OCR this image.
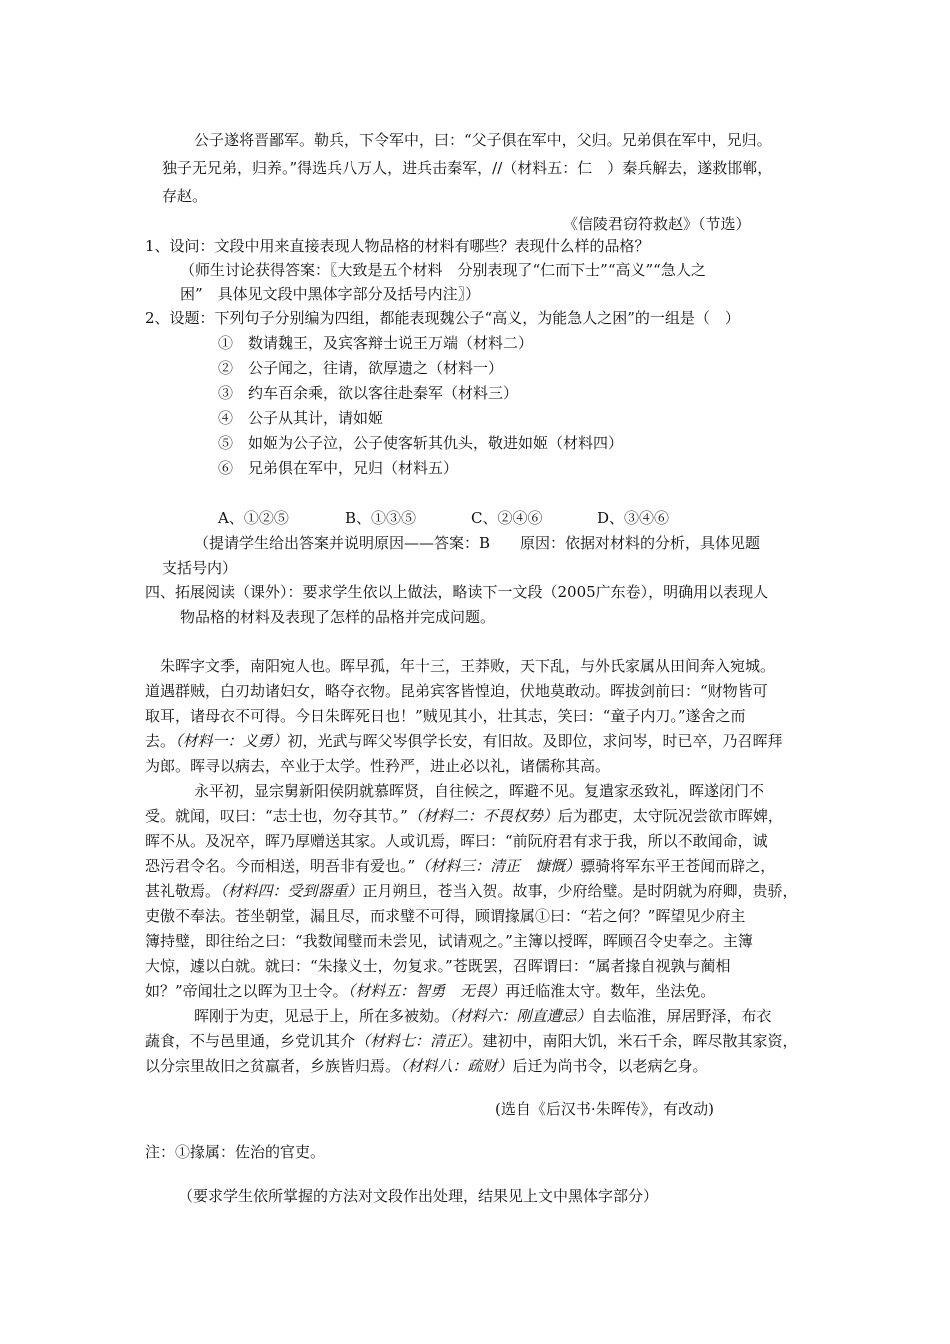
公子遂将晋鄙军。勒兵，下令军中，曰：“父子俱在军中，父归。兄弟俱在军中，兄归。
独子无兄弟，归养。”得选兵八万人，进兵击秦军，//（材料五：仁　）秦兵解去，遂救邯郸，
存赵。
《信陵君窃符救赵》（节选）
1、设问：文段中用来直接表现人物品格的材料有哪些？表现什么样的品格？
（师生讨论获得答案：〖大致是五个材料　分别表现了“仁而下士”“高义”“急人之
困”　具体见文段中黑体字部分及括号内注〗）
2、设题：下列句子分别编为四组，都能表现魏公子“高义，为能急人之困”的一组是（　）
①　数请魏王，及宾客辩士说王万端（材料二）
②　公子闻之，往请，欲厚遗之（材料一）
③　约车百余乘，欲以客往赴秦军（材料三）
④　公子从其计，请如姬
⑤　如姬为公子泣，公子使客斩其仇头，敬进如姬（材料四）
⑥　兄弟俱在军中，兄归（材料五）
A、①②⑤	B、①③⑤	C、②④⑥	D、③④⑥
（提请学生给出答案并说明原因——答案：B　　原因：依据对材料的分析，具体见题
支括号内）
四、拓展阅读（课外）：要求学生依以上做法，略读下一文段（2005广东卷），明确用以表现人
物品格的材料及表现了怎样的品格并完成问题。
朱晖字文季，南阳宛人也。晖早孤，年十三，王莽败，天下乱，与外氏家属从田间奔入宛城。
道遇群贼，白刃劫诸妇女，略夺衣物。昆弟宾客皆惶迫，伏地莫敢动。晖拔剑前曰：“财物皆可
取耳，诸母衣不可得。今日朱晖死日也！”贼见其小，壮其志，笑曰：“童子内刀。”遂舍之而
去。（材料一：义勇）初，光武与晖父岑俱学长安，有旧故。及即位，求问岑，时已卒，乃召晖拜
为郎。晖寻以病去，卒业于太学。性矜严，进止必以礼，诸儒称其高。
永平初，显宗舅新阳侯阴就慕晖贤，自往候之，晖避不见。复遣家丞致礼，晖遂闭门不
受。就闻，叹曰：“志士也，勿夺其节。”（材料二：不畏权势）后为郡吏，太守阮况尝欲市晖婢，
晖不从。及况卒，晖乃厚赠送其家。人或讥焉，晖曰：“前阮府君有求于我，所以不敢闻命，诚
恐污君令名。今而相送，明吾非有爱也。”（材料三：清正　慷慨）骠骑将军东平王苍闻而辟之，
甚礼敬焉。（材料四：受到器重）正月朔旦，苍当入贺。故事，少府给璧。是时阴就为府卿，贵骄，
吏傲不奉法。苍坐朝堂，漏且尽，而求璧不可得，顾谓掾属①曰：“若之何？”晖望见少府主
簿持璧，即往绐之曰：“我数闻璧而未尝见，试请观之。”主簿以授晖，晖顾召令史奉之。主簿
大惊，遽以白就。就曰：“朱掾义士，勿复求。”苍既罢，召晖谓曰：“属者掾自视孰与蔺相
如？”帝闻壮之以晖为卫士令。（材料五：智勇　无畏）再迁临淮太守。数年，坐法免。
晖刚于为吏，见忌于上，所在多被劾。（材料六：刚直遭忌）自去临淮，屏居野泽，布衣
蔬食，不与邑里通，乡党讥其介（材料七：清正）。建初中，南阳大饥，米石千余，晖尽散其家资，
以分宗里故旧之贫羸者，乡族皆归焉。（材料八：疏财）后迁为尚书令，以老病乞身。
(选自《后汉书·朱晖传》，有改动)
注：①掾属：佐治的官吏。
（要求学生依所掌握的方法对文段作出处理，结果见上文中黑体字部分）
